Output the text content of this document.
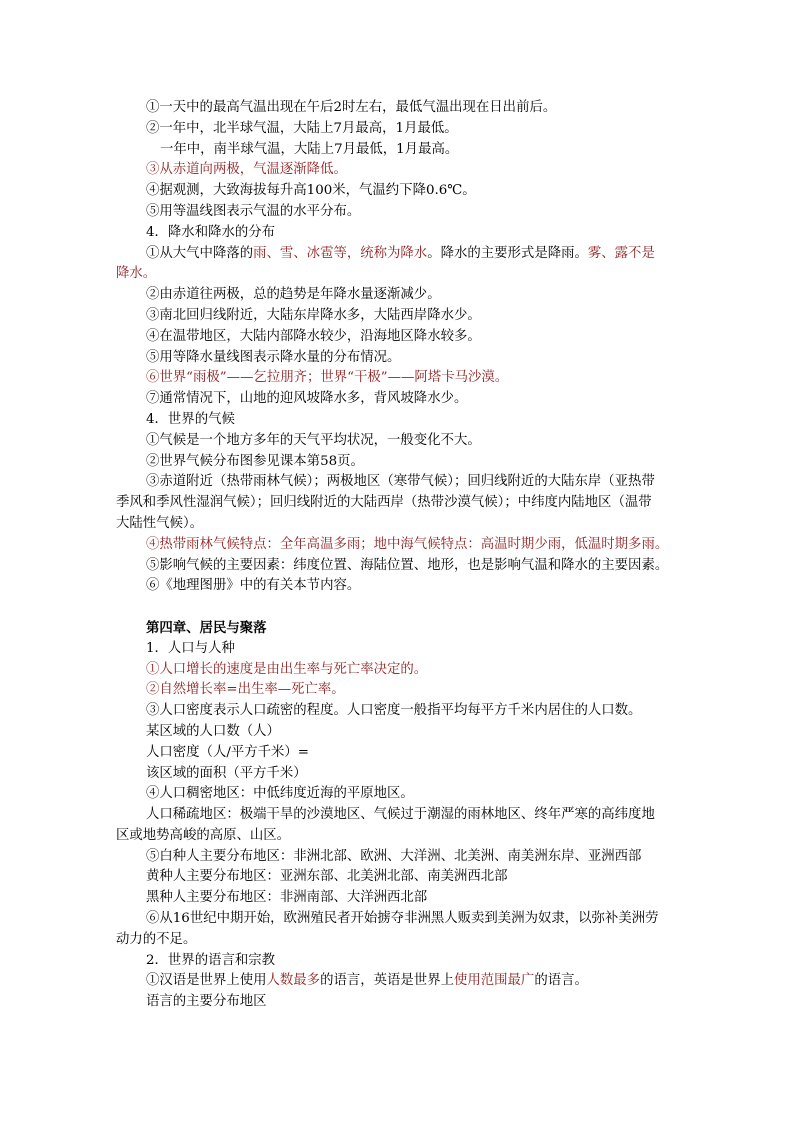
①一天中的最高气温出现在午后2时左右，最低气温出现在日出前后。

②一年中，北半球气温，大陆上7月最高，1月最低。

一年中，南半球气温，大陆上7月最低，1月最高。

③从赤道向两极，气温逐渐降低。

④据观测，大致海拔每升高100米，气温约下降0.6℃。

⑤用等温线图表示气温的水平分布。

4．降水和降水的分布

①从大气中降落的雨、雪、冰雹等，统称为降水。降水的主要形式是降雨。雾、露不是

降水。

②由赤道往两极，总的趋势是年降水量逐渐减少。

③南北回归线附近，大陆东岸降水多，大陆西岸降水少。

④在温带地区，大陆内部降水较少，沿海地区降水较多。

⑤用等降水量线图表示降水量的分布情况。

⑥世界“雨极”——乞拉朋齐；世界“干极”——阿塔卡马沙漠。

⑦通常情况下，山地的迎风坡降水多，背风坡降水少。

4．世界的气候

①气候是一个地方多年的天气平均状况，一般变化不大。

②世界气候分布图参见课本第58页。

③赤道附近（热带雨林气候）；两极地区（寒带气候）；回归线附近的大陆东岸（亚热带

季风和季风性湿润气候）；回归线附近的大陆西岸（热带沙漠气候）；中纬度内陆地区（温带

大陆性气候）。

④热带雨林气候特点：全年高温多雨；地中海气候特点：高温时期少雨，低温时期多雨。

⑤影响气候的主要因素：纬度位置、海陆位置、地形，也是影响气温和降水的主要因素。

⑥《地理图册》中的有关本节内容。

第四章、居民与聚落

1．人口与人种

①人口增长的速度是由出生率与死亡率决定的。

②自然增长率=出生率—死亡率。

③人口密度表示人口疏密的程度。人口密度一般指平均每平方千米内居住的人口数。

某区域的人口数（人）

人口密度（人/平方千米）=

该区域的面积（平方千米）

④人口稠密地区：中低纬度近海的平原地区。

人口稀疏地区：极端干旱的沙漠地区、气候过于潮湿的雨林地区、终年严寒的高纬度地

区或地势高峻的高原、山区。

⑤白种人主要分布地区：非洲北部、欧洲、大洋洲、北美洲、南美洲东岸、亚洲西部

黄种人主要分布地区：亚洲东部、北美洲北部、南美洲西北部

黑种人主要分布地区：非洲南部、大洋洲西北部

⑥从16世纪中期开始，欧洲殖民者开始掳夺非洲黑人贩卖到美洲为奴隶，以弥补美洲劳

动力的不足。

2．世界的语言和宗教

①汉语是世界上使用人数最多的语言，英语是世界上使用范围最广的语言。

语言的主要分布地区
